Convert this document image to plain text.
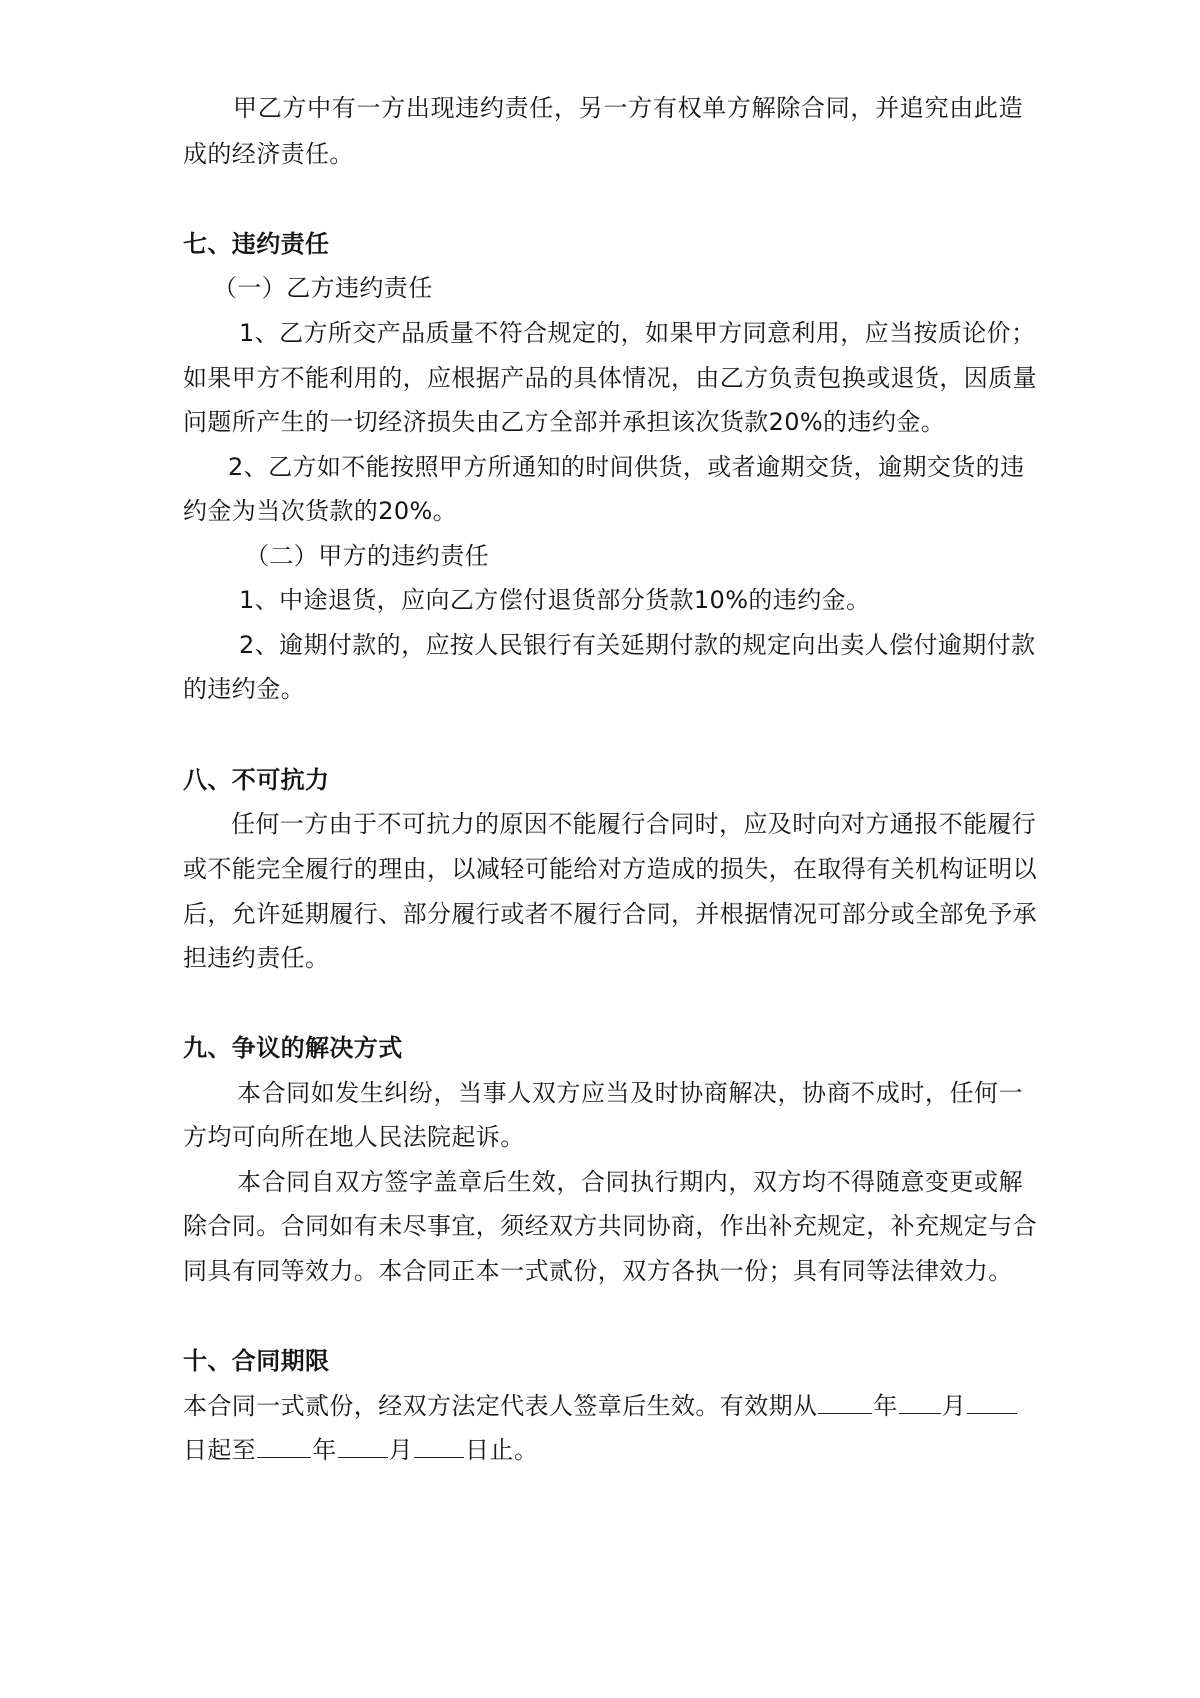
甲乙方中有一方出现违约责任，另一方有权单方解除合同，并追究由此造

成的经济责任。

七、违约责任

（一）乙方违约责任

1、乙方所交产品质量不符合规定的，如果甲方同意利用，应当按质论价；

如果甲方不能利用的，应根据产品的具体情况，由乙方负责包换或退货，因质量

问题所产生的一切经济损失由乙方全部并承担该次货款20%的违约金。

2、乙方如不能按照甲方所通知的时间供货，或者逾期交货，逾期交货的违

约金为当次货款的20%。

（二）甲方的违约责任

1、中途退货，应向乙方偿付退货部分货款10%的违约金。

2、逾期付款的，应按人民银行有关延期付款的规定向出卖人偿付逾期付款

的违约金。

八、不可抗力

任何一方由于不可抗力的原因不能履行合同时，应及时向对方通报不能履行

或不能完全履行的理由，以减轻可能给对方造成的损失，在取得有关机构证明以

后，允许延期履行、部分履行或者不履行合同，并根据情况可部分或全部免予承

担违约责任。

九、争议的解决方式

本合同如发生纠纷，当事人双方应当及时协商解决，协商不成时，任何一

方均可向所在地人民法院起诉。

本合同自双方签字盖章后生效，合同执行期内，双方均不得随意变更或解

除合同。合同如有未尽事宜，须经双方共同协商，作出补充规定，补充规定与合

同具有同等效力。本合同正本一式贰份，双方各执一份；具有同等法律效力。

十、合同期限

本合同一式贰份，经双方法定代表人签章后生效。有效期从 年 月

日起至 年 月 日止。
